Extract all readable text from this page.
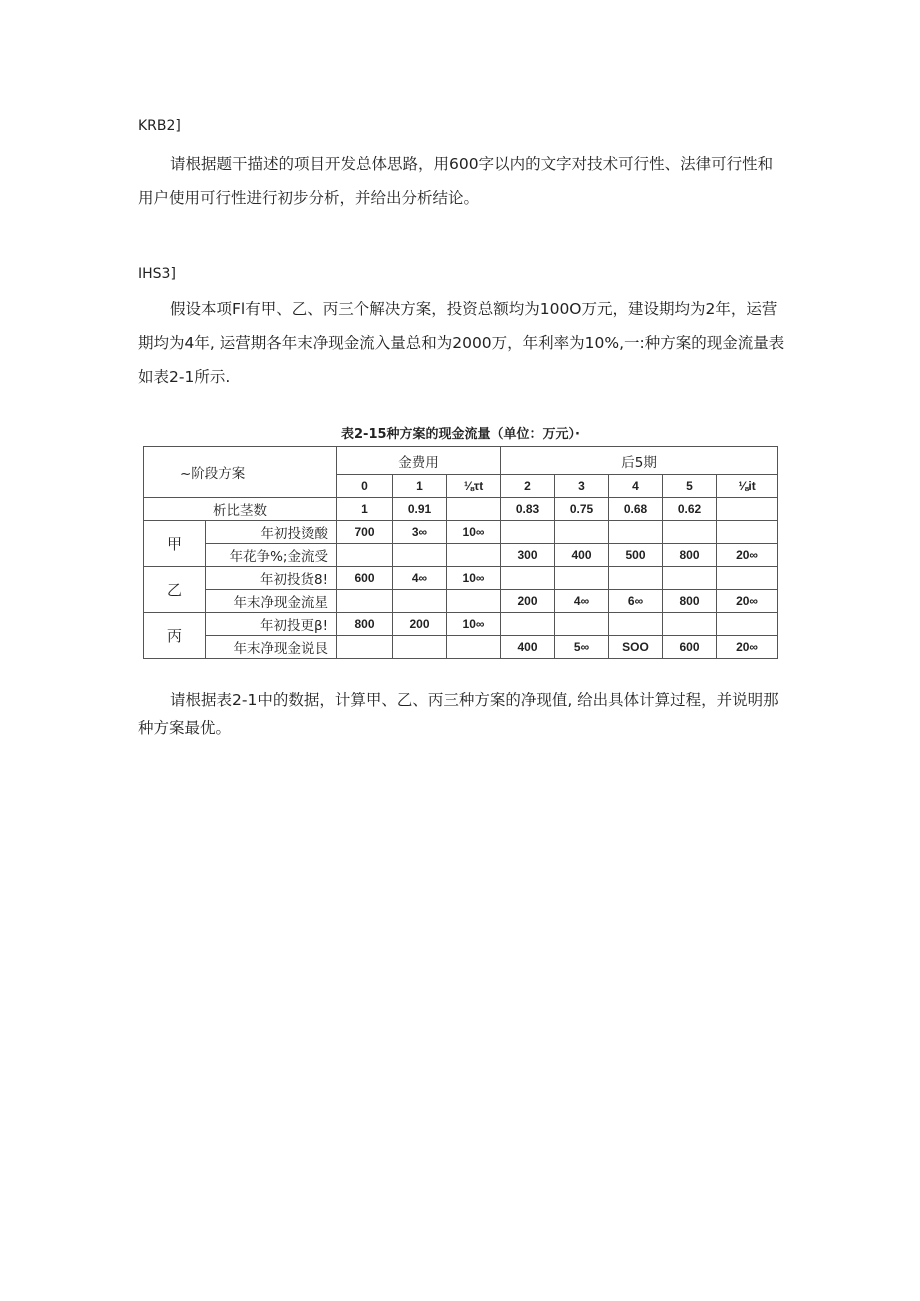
KRB2]

请根据题干描述的项目开发总体思路，用600字以内的文字对技术可行性、法律可行性和用户使用可行性进行初步分析，并给出分析结论。

IHS3]

假设本项Fl有甲、乙、丙三个解决方案，投资总额均为100O万元，建设期均为2年，运营期均为4年, 运营期各年末净现金流入量总和为2000万，年利率为10%,一:种方案的现金流量表如表2-1所示.

表2-15种方案的现金流量（单位：万元）·
~阶段方案		金费用			后5期				
		0	1	⅛τt	2	3	4	5	⅛it
析比茎数		1	0.91		0.83	0.75	0.68	0.62	
甲	年初投烫酸	700	3∞	10∞					
	年花争%;金流受				300	400	500	800	20∞
乙	年初投货8!	600	4∞	10∞					
	年末净现金流星				200	4∞	6∞	800	20∞
丙	年初投更β!	800	200	10∞					
	年末净现金说艮				400	5∞	SOO	600	20∞

请根据表2-1中的数据，计算甲、乙、丙三种方案的净现值, 给出具体计算过程，并说明那种方案最优。
